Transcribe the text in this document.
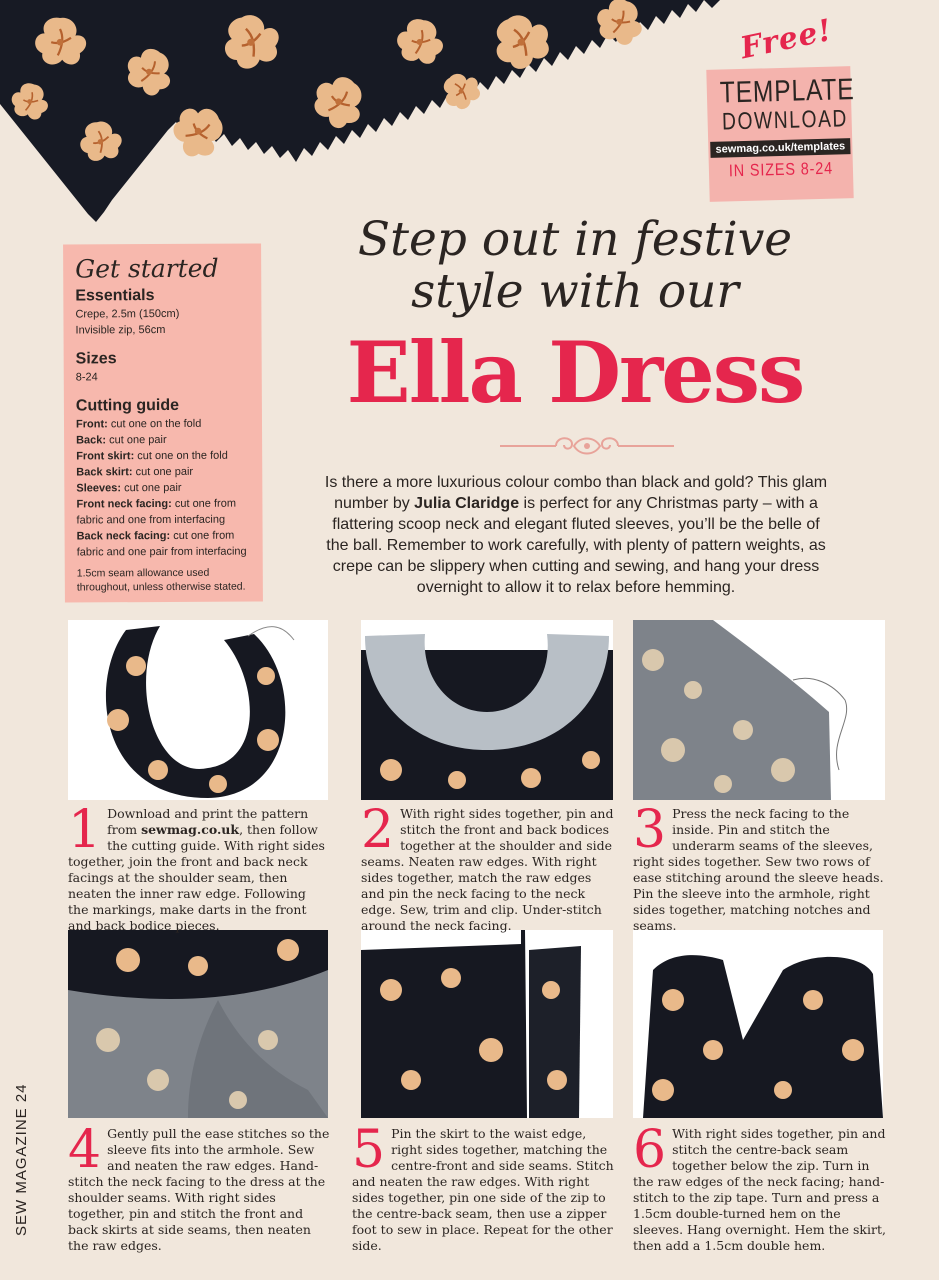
TEMPLATE
DOWNLOAD
sewmag.co.uk/templates
IN SIZES 8-24
Free!
Get started
Essentials
Crepe, 2.5m (150cm)
Invisible zip, 56cm
Sizes
8-24
Cutting guide
Front: cut one on the fold
Back: cut one pair
Front skirt: cut one on the fold
Back skirt: cut one pair
Sleeves: cut one pair
Front neck facing: cut one from fabric and one from interfacing
Back neck facing: cut one from fabric and one pair from interfacing
1.5cm seam allowance used throughout, unless otherwise stated.
Step out in festive
style with our
Ella Dress
Is there a more luxurious colour combo than black and gold? This glam number by Julia Claridge is perfect for any Christmas party – with a flattering scoop neck and elegant fluted sleeves, you’ll be the belle of the ball. Remember to work carefully, with plenty of pattern weights, as crepe can be slippery when cutting and sewing, and hang your dress overnight to allow it to relax before hemming.
1 Download and print the pattern from sewmag.co.uk, then follow the cutting guide. With right sides together, join the front and back neck facings at the shoulder seam, then neaten the inner raw edge. Following the markings, make darts in the front and back bodice pieces.
2 With right sides together, pin and stitch the front and back bodices together at the shoulder and side seams. Neaten raw edges. With right sides together, match the raw edges and pin the neck facing to the neck edge. Sew, trim and clip. Under-stitch around the neck facing.
3 Press the neck facing to the inside. Pin and stitch the underarm seams of the sleeves, right sides together. Sew two rows of ease stitching around the sleeve heads. Pin the sleeve into the armhole, right sides together, matching notches and seams.
4 Gently pull the ease stitches so the sleeve fits into the armhole. Sew and neaten the raw edges. Hand-stitch the neck facing to the dress at the shoulder seams. With right sides together, pin and stitch the front and back skirts at side seams, then neaten the raw edges.
5 Pin the skirt to the waist edge, right sides together, matching the centre-front and side seams. Stitch and neaten the raw edges. With right sides together, pin one side of the zip to the centre-back seam, then use a zipper foot to sew in place. Repeat for the other side.
6 With right sides together, pin and stitch the centre-back seam together below the zip. Turn in the raw edges of the neck facing; hand-stitch to the zip tape. Turn and press a 1.5cm double-turned hem on the sleeves. Hang overnight. Hem the skirt, then add a 1.5cm double hem.
SEW MAGAZINE 24
